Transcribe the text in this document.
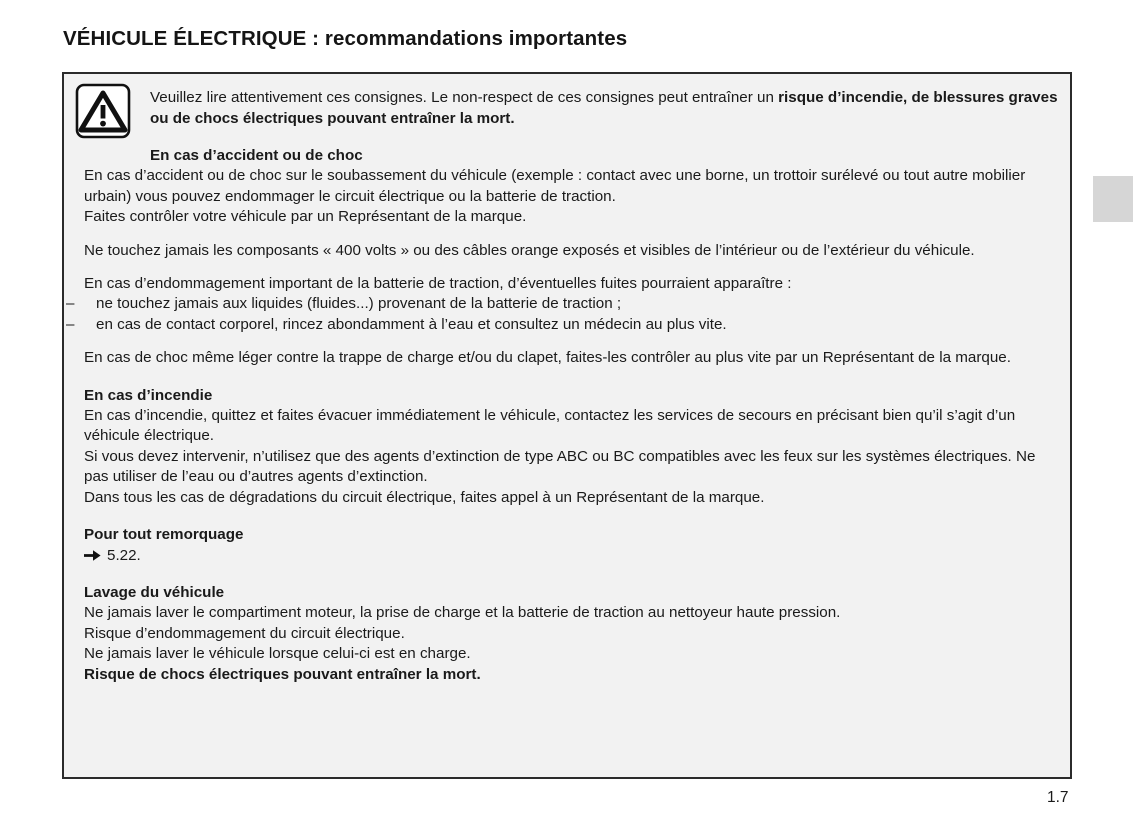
VÉHICULE ÉLECTRIQUE : recommandations importantes

Veuillez lire attentivement ces consignes. Le non-respect de ces consignes peut entraîner un risque d’incendie, de blessures graves ou de chocs électriques pouvant entraîner la mort.

En cas d’accident ou de choc
En cas d’accident ou de choc sur le soubassement du véhicule (exemple : contact avec une borne, un trottoir surélevé ou tout autre mobilier urbain) vous pouvez endommager le circuit électrique ou la batterie de traction.
Faites contrôler votre véhicule par un Représentant de la marque.
Ne touchez jamais les composants « 400 volts » ou des câbles orange exposés et visibles de l’intérieur ou de l’extérieur du véhicule.
En cas d’endommagement important de la batterie de traction, d’éventuelles fuites pourraient apparaître :
– ne touchez jamais aux liquides (fluides...) provenant de la batterie de traction ;
– en cas de contact corporel, rincez abondamment à l’eau et consultez un médecin au plus vite.
En cas de choc même léger contre la trappe de charge et/ou du clapet, faites-les contrôler au plus vite par un Représentant de la marque.
En cas d’incendie
En cas d’incendie, quittez et faites évacuer immédiatement le véhicule, contactez les services de secours en précisant bien qu’il s’agit d’un véhicule électrique.
Si vous devez intervenir, n’utilisez que des agents d’extinction de type ABC ou BC compatibles avec les feux sur les systèmes électriques. Ne pas utiliser de l’eau ou d’autres agents d’extinction.
Dans tous les cas de dégradations du circuit électrique, faites appel à un Représentant de la marque.
Pour tout remorquage
5.22.
Lavage du véhicule
Ne jamais laver le compartiment moteur, la prise de charge et la batterie de traction au nettoyeur haute pression.
Risque d’endommagement du circuit électrique.
Ne jamais laver le véhicule lorsque celui-ci est en charge.
Risque de chocs électriques pouvant entraîner la mort.
1.7
